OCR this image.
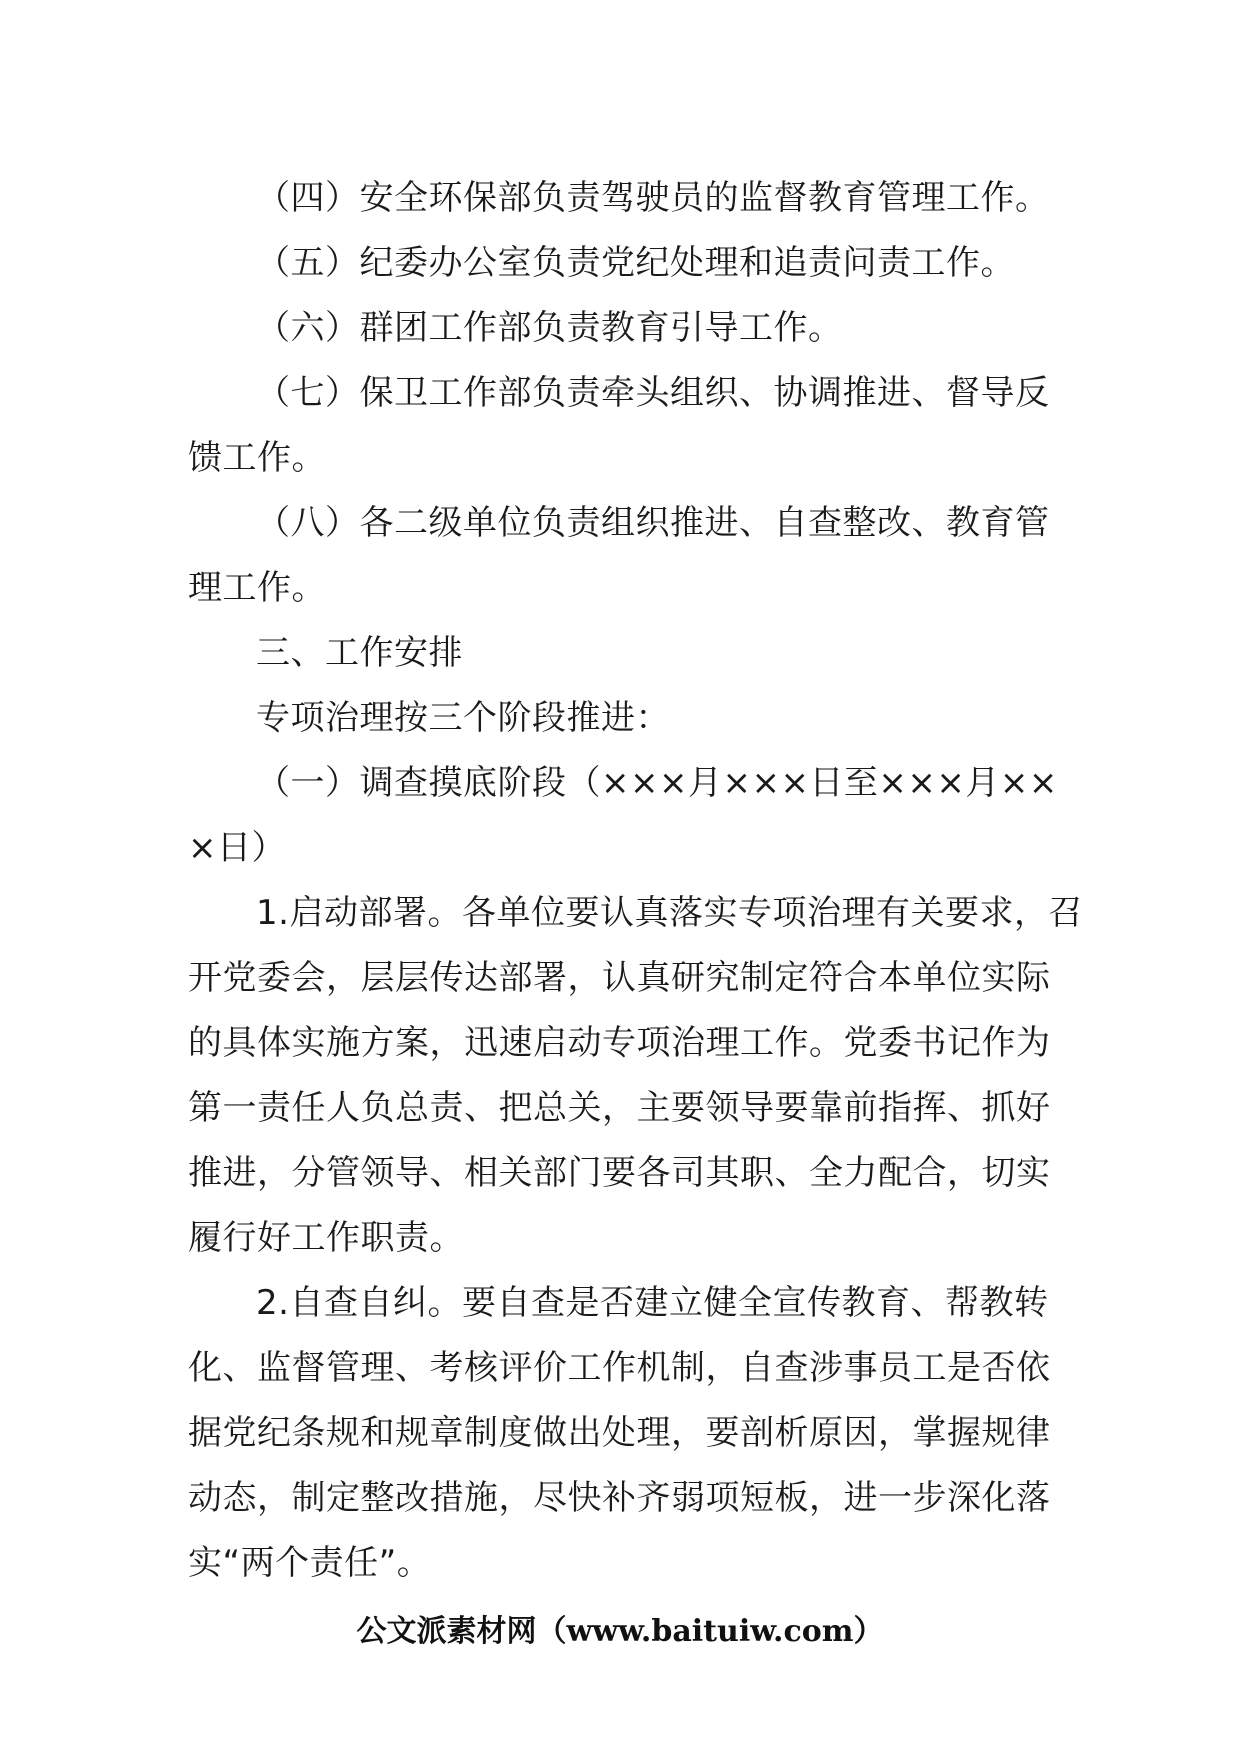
（四）安全环保部负责驾驶员的监督教育管理工作。
（五）纪委办公室负责党纪处理和追责问责工作。
（六）群团工作部负责教育引导工作。
（七）保卫工作部负责牵头组织、协调推进、督导反
馈工作。
（八）各二级单位负责组织推进、自查整改、教育管
理工作。
三、工作安排
专项治理按三个阶段推进：
（一）调查摸底阶段（×××月×××日至×××月××
×日）
1.启动部署。各单位要认真落实专项治理有关要求，召
开党委会，层层传达部署，认真研究制定符合本单位实际
的具体实施方案，迅速启动专项治理工作。党委书记作为
第一责任人负总责、把总关，主要领导要靠前指挥、抓好
推进，分管领导、相关部门要各司其职、全力配合，切实
履行好工作职责。
2.自查自纠。要自查是否建立健全宣传教育、帮教转
化、监督管理、考核评价工作机制，自查涉事员工是否依
据党纪条规和规章制度做出处理，要剖析原因，掌握规律
动态，制定整改措施，尽快补齐弱项短板，进一步深化落
实“两个责任”。
公文派素材网（www.baituiw.com）
